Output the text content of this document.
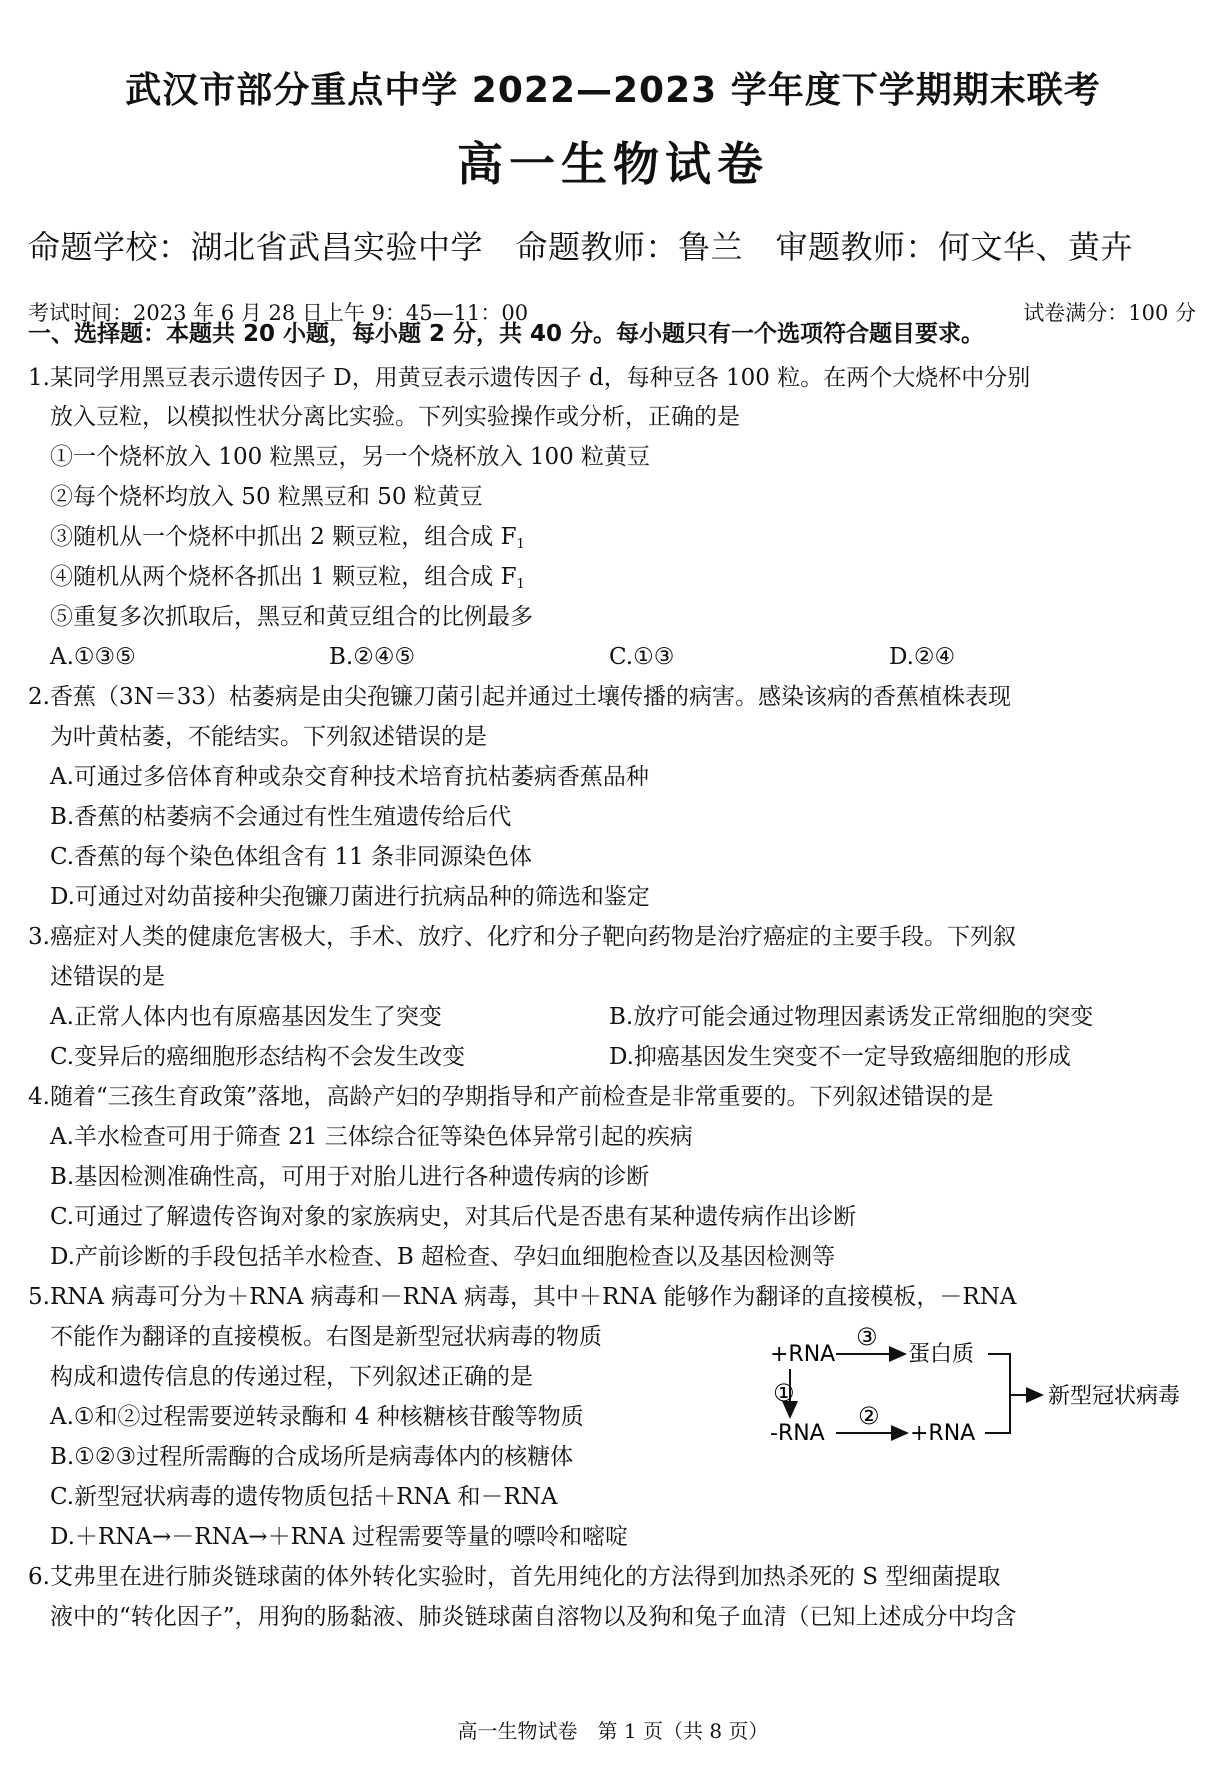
武汉市部分重点中学 2022—2023 学年度下学期期末联考
高一生物试卷
命题学校：湖北省武昌实验中学　命题教师：鲁兰　审题教师：何文华、黄卉
考试时间：2023 年 6 月 28 日上午 9：45—11：00	试卷满分：100 分
一、选择题：本题共 20 小题，每小题 2 分，共 40 分。每小题只有一个选项符合题目要求。
1.某同学用黑豆表示遗传因子 D，用黄豆表示遗传因子 d，每种豆各 100 粒。在两个大烧杯中分别
放入豆粒，以模拟性状分离比实验。下列实验操作或分析，正确的是
①一个烧杯放入 100 粒黑豆，另一个烧杯放入 100 粒黄豆
②每个烧杯均放入 50 粒黑豆和 50 粒黄豆
③随机从一个烧杯中抓出 2 颗豆粒，组合成 $F_1$
④随机从两个烧杯各抓出 1 颗豆粒，组合成 $F_1$
⑤重复多次抓取后，黑豆和黄豆组合的比例最多
A.①③⑤	B.②④⑤	C.①③	D.②④
2.香蕉（3N＝33）枯萎病是由尖孢镰刀菌引起并通过土壤传播的病害。感染该病的香蕉植株表现
为叶黄枯萎，不能结实。下列叙述错误的是
A.可通过多倍体育种或杂交育种技术培育抗枯萎病香蕉品种
B.香蕉的枯萎病不会通过有性生殖遗传给后代
C.香蕉的每个染色体组含有 11 条非同源染色体
D.可通过对幼苗接种尖孢镰刀菌进行抗病品种的筛选和鉴定
3.癌症对人类的健康危害极大，手术、放疗、化疗和分子靶向药物是治疗癌症的主要手段。下列叙
述错误的是
A.正常人体内也有原癌基因发生了突变	B.放疗可能会通过物理因素诱发正常细胞的突变
C.变异后的癌细胞形态结构不会发生改变	D.抑癌基因发生突变不一定导致癌细胞的形成
4.随着“三孩生育政策”落地，高龄产妇的孕期指导和产前检查是非常重要的。下列叙述错误的是
A.羊水检查可用于筛查 21 三体综合征等染色体异常引起的疾病
B.基因检测准确性高，可用于对胎儿进行各种遗传病的诊断
C.可通过了解遗传咨询对象的家族病史，对其后代是否患有某种遗传病作出诊断
D.产前诊断的手段包括羊水检查、B 超检查、孕妇血细胞检查以及基因检测等
5.RNA 病毒可分为＋RNA 病毒和－RNA 病毒，其中＋RNA 能够作为翻译的直接模板，－RNA
不能作为翻译的直接模板。右图是新型冠状病毒的物质
构成和遗传信息的传递过程，下列叙述正确的是
A.①和②过程需要逆转录酶和 4 种核糖核苷酸等物质
B.①②③过程所需酶的合成场所是病毒体内的核糖体
C.新型冠状病毒的遗传物质包括＋RNA 和－RNA
D.＋RNA→－RNA→＋RNA 过程需要等量的嘌呤和嘧啶
+RNA
③
蛋白质
①
-RNA
②
+RNA
新型冠状病毒
6.艾弗里在进行肺炎链球菌的体外转化实验时，首先用纯化的方法得到加热杀死的 S 型细菌提取
液中的“转化因子”，用狗的肠黏液、肺炎链球菌自溶物以及狗和兔子血清（已知上述成分中均含
高一生物试卷　第 1 页（共 8 页）
